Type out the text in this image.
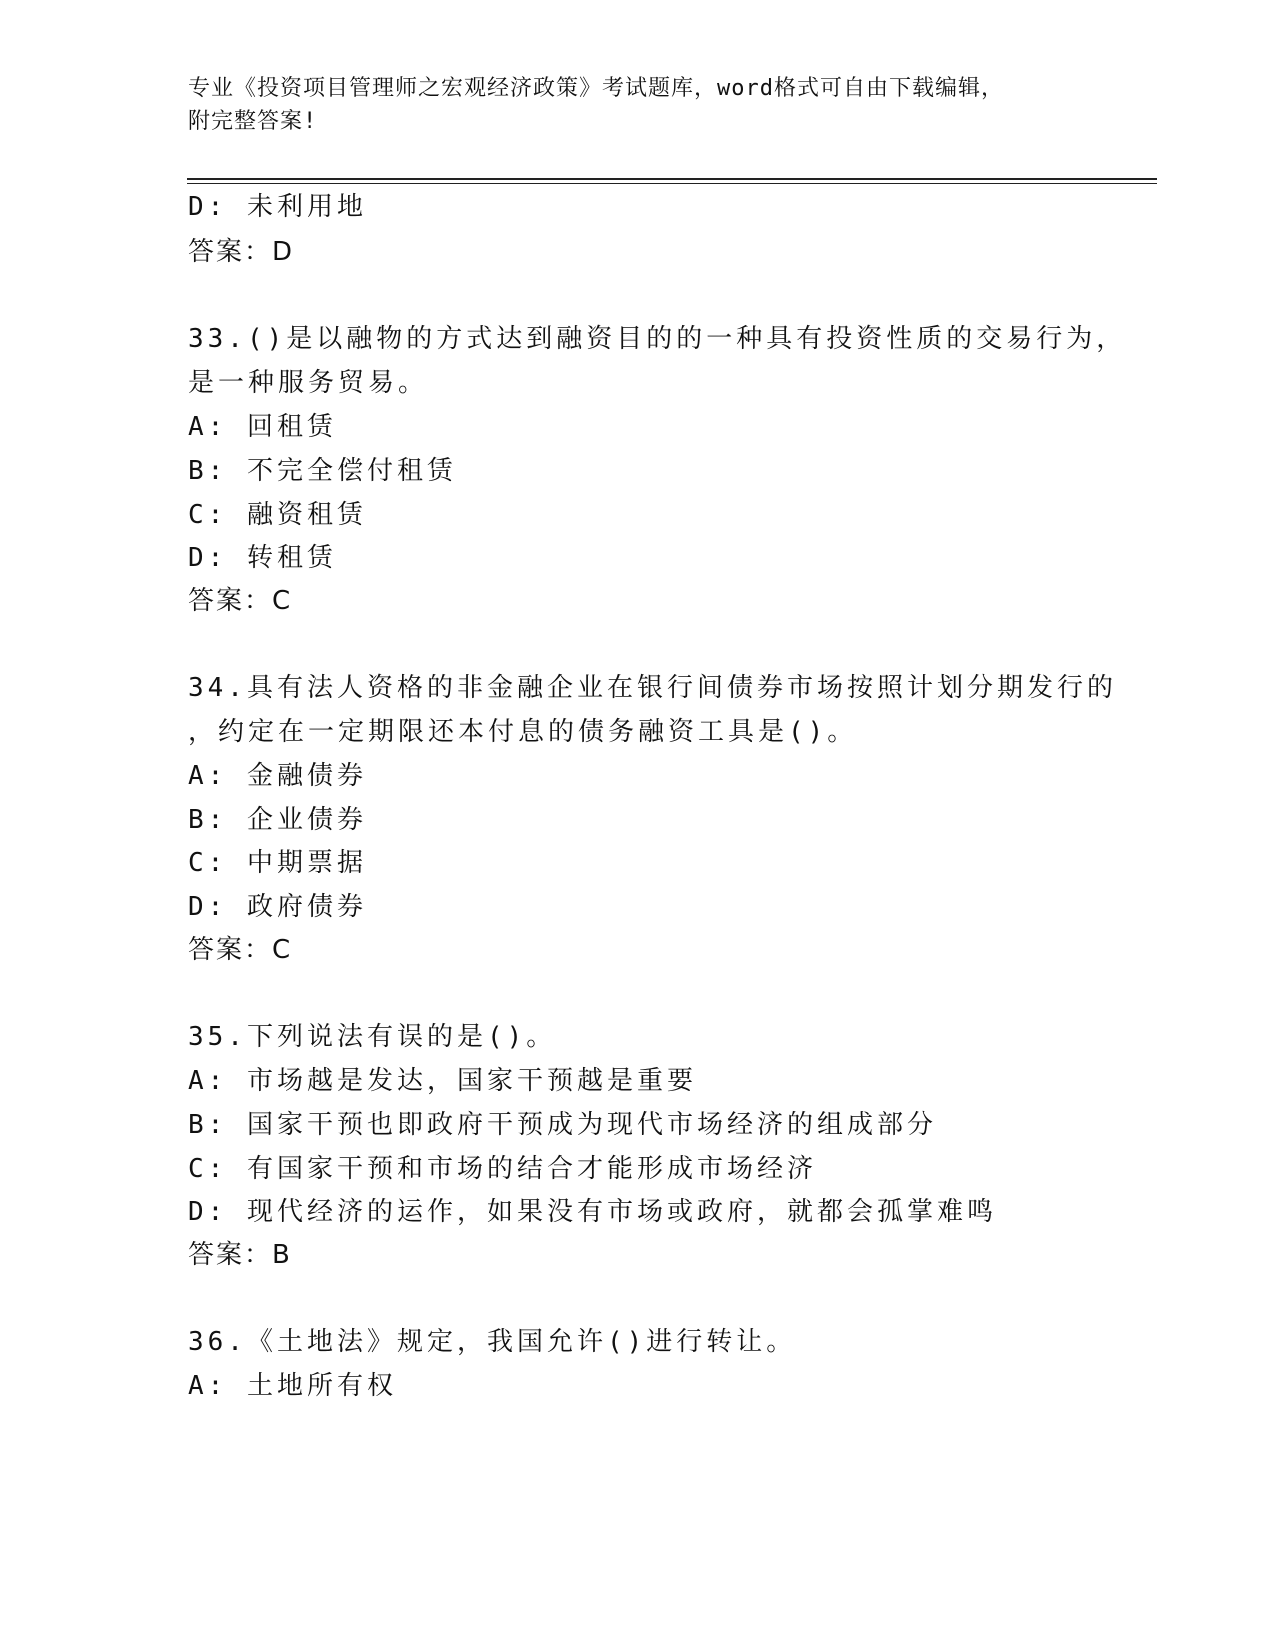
专业《投资项目管理师之宏观经济政策》考试题库，word格式可自由下载编辑，
附完整答案!
D: 未利用地
答案：D
33.()是以融物的方式达到融资目的的一种具有投资性质的交易行为，
是一种服务贸易。
A: 回租赁
B: 不完全偿付租赁
C: 融资租赁
D: 转租赁
答案：C
34.具有法人资格的非金融企业在银行间债券市场按照计划分期发行的
，约定在一定期限还本付息的债务融资工具是()。
A: 金融债券
B: 企业债券
C: 中期票据
D: 政府债券
答案：C
35.下列说法有误的是()。
A: 市场越是发达，国家干预越是重要
B: 国家干预也即政府干预成为现代市场经济的组成部分
C: 有国家干预和市场的结合才能形成市场经济
D: 现代经济的运作，如果没有市场或政府，就都会孤掌难鸣
答案：B
36.《土地法》规定，我国允许()进行转让。
A: 土地所有权
